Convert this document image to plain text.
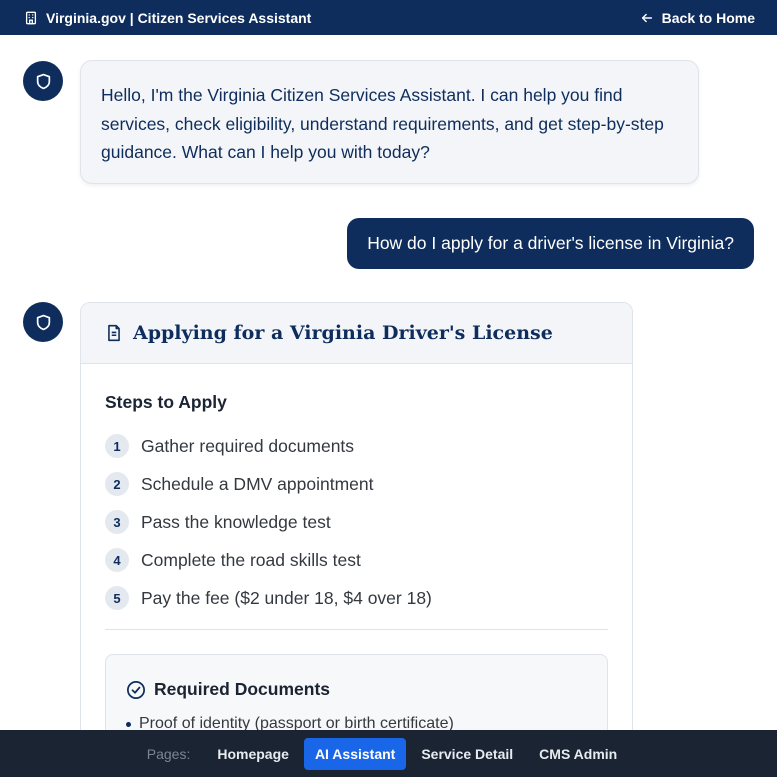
Virginia.gov | Citizen Services Assistant	Back to Home
Hello, I'm the Virginia Citizen Services Assistant. I can help you find services, check eligibility, understand requirements, and get step-by-step guidance. What can I help you with today?
How do I apply for a driver's license in Virginia?
Applying for a Virginia Driver's License
Steps to Apply
1	Gather required documents
2	Schedule a DMV appointment
3	Pass the knowledge test
4	Complete the road skills test
5	Pay the fee ($2 under 18, $4 over 18)
Required Documents
Proof of identity (passport or birth certificate)
Pages:	Homepage	AI Assistant	Service Detail	CMS Admin
